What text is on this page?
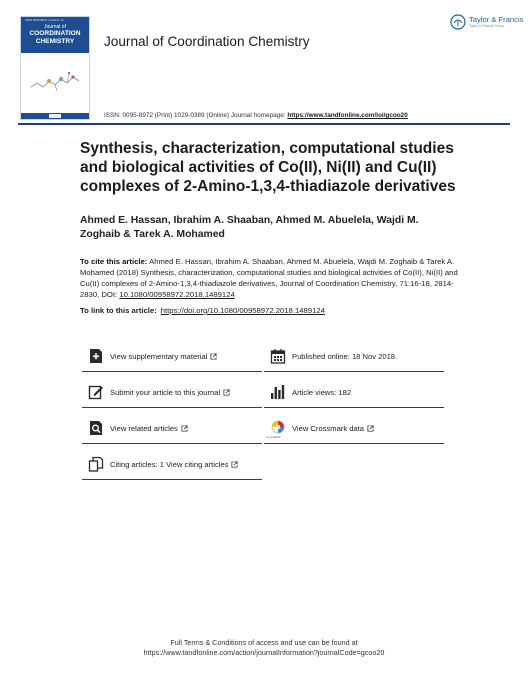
ISSN 0095-8972 | Volume 71
Journal of
COORDINATION
CHEMISTRY	Journal of Coordination Chemistry
Taylor & Francis
Taylor & Francis Group
ISSN: 0095-8972 (Print) 1029-0389 (Online) Journal homepage: https://www.tandfonline.com/loi/gcoo20
Synthesis, characterization, computational studies and biological activities of Co(II), Ni(II) and Cu(II) complexes of 2-Amino-1,3,4-thiadiazole derivatives
Ahmed E. Hassan, Ibrahim A. Shaaban, Ahmed M. Abuelela, Wajdi M. Zoghaib & Tarek A. Mohamed
To cite this article: Ahmed E. Hassan, Ibrahim A. Shaaban, Ahmed M. Abuelela, Wajdi M. Zoghaib & Tarek A. Mohamed (2018) Synthesis, characterization, computational studies and biological activities of Co(II), Ni(II) and Cu(II) complexes of 2-Amino-1,3,4-thiadiazole derivatives, Journal of Coordination Chemistry, 71:16-18, 2814-2830, DOI: 10.1080/00958972.2018.1489124
To link to this article: https://doi.org/10.1080/00958972.2018.1489124
View supplementary material
Submit your article to this journal
View related articles
Citing articles: 1 View citing articles
Published online: 18 Nov 2018.
Article views: 182
CrossMark
View Crossmark data
Full Terms & Conditions of access and use can be found at
https://www.tandfonline.com/action/journalInformation?journalCode=gcoo20
